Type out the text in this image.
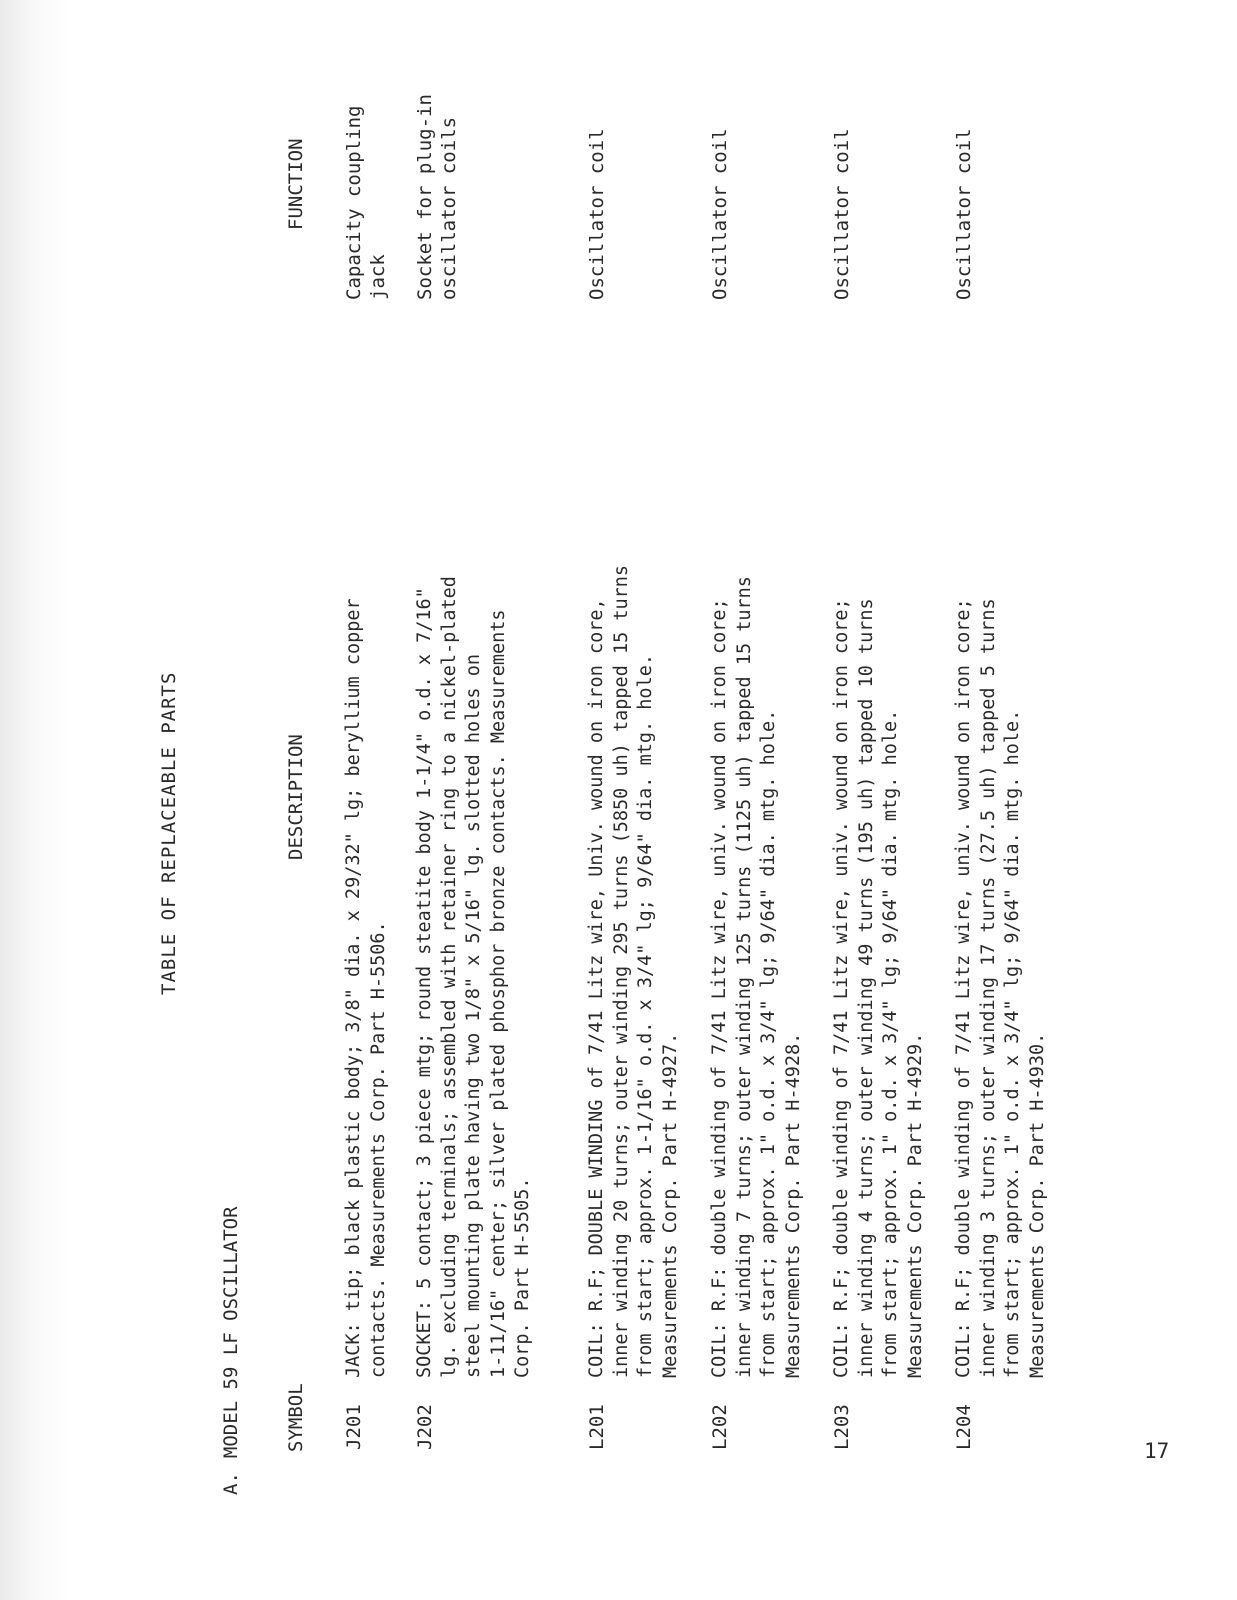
TABLE OF REPLACEABLE PARTS
A.MODEL 59 LF OSCILLATOR SYMBOL
DESCRIPTION
FUNCTION
J201
JACK: tip; black plastic body; 3/8" dia. x 29/32" lg; beryllium copper
contacts. Measurements Corp. Part H-5506.
Capacity coupling
jack
J202
SOCKET: 5 contact; 3 piece mtg; round steatite body 1-1/4" o.d. x 7/16"
lg. excluding terminals; assembled with retainer ring to a nickel-plated
steel mounting plate having two 1/8" x 5/16" lg. slotted holes on
1-11/16" center; silver plated phosphor bronze contacts. Measurements
Corp. Part H-5505.
Socket for plug-in
oscillator coils
L201
COIL: R.F; DOUBLE WINDING of 7/41 Litz wire, Univ. wound on iron core,
inner winding 20 turns; outer winding 295 turns (5850 uh) tapped 15 turns
from start; approx. 1-1/16" o.d. x 3/4" lg; 9/64" dia. mtg. hole.
Measurements Corp. Part H-4927.
Oscillator coil
L202
COIL: R.F: double winding of 7/41 Litz wire, univ. wound on iron core;
inner winding 7 turns; outer winding 125 turns (1125 uh) tapped 15 turns
from start; approx. 1" o.d. x 3/4" lg; 9/64" dia. mtg. hole.
Measurements Corp. Part H-4928.
Oscillator coil
L203
COIL: R.F; double winding of 7/41 Litz wire, univ. wound on iron core;
inner winding 4 turns; outer winding 49 turns (195 uh) tapped 10 turns
from start; approx. 1" o.d. x 3/4" lg; 9/64" dia. mtg. hole.
Measurements Corp. Part H-4929.
Oscillator coil
L204
COIL: R.F; double winding of 7/41 Litz wire, univ. wound on iron core;
inner winding 3 turns; outer winding 17 turns (27.5 uh) tapped 5 turns
from start; approx. 1" o.d. x 3/4" lg; 9/64" dia. mtg. hole.
Measurements Corp. Part H-4930.
Oscillator coil
17
